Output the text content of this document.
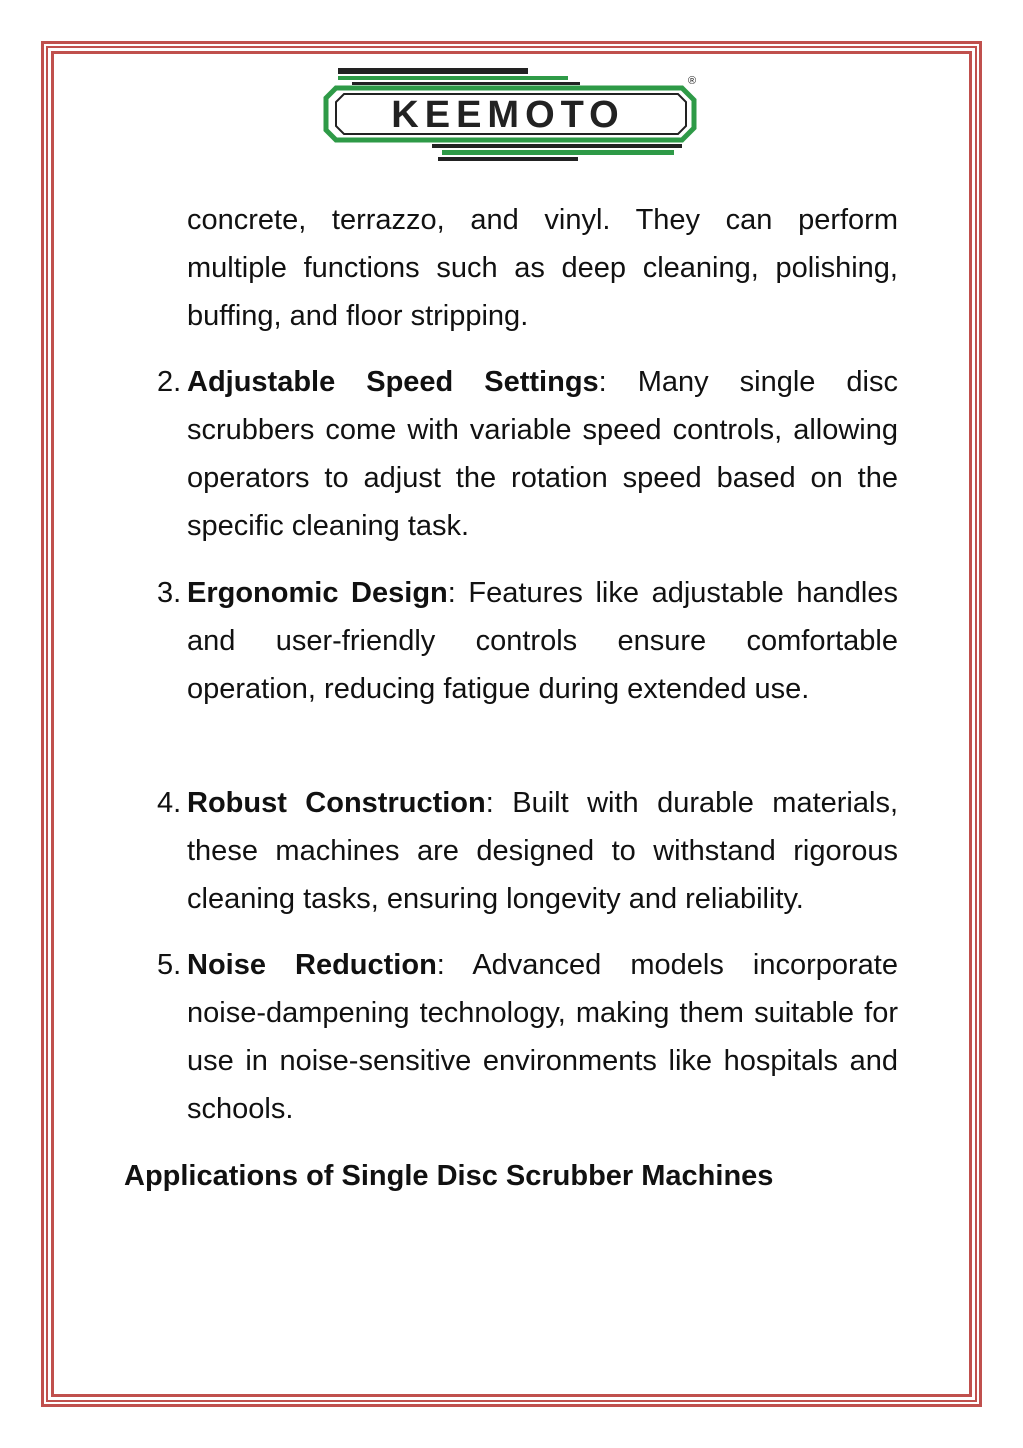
KEEMOTO
®
concrete, terrazzo, and vinyl. They can perform multiple functions such as deep cleaning, polishing, buffing, and floor stripping.
2. Adjustable Speed Settings: Many single disc scrubbers come with variable speed controls, allowing operators to adjust the rotation speed based on the specific cleaning task.
3. Ergonomic Design: Features like adjustable handles and user-friendly controls ensure comfortable operation, reducing fatigue during extended use.
4. Robust Construction: Built with durable materials, these machines are designed to withstand rigorous cleaning tasks, ensuring longevity and reliability.
5. Noise Reduction: Advanced models incorporate noise-dampening technology, making them suitable for use in noise-sensitive environments like hospitals and schools.
Applications of Single Disc Scrubber Machines
